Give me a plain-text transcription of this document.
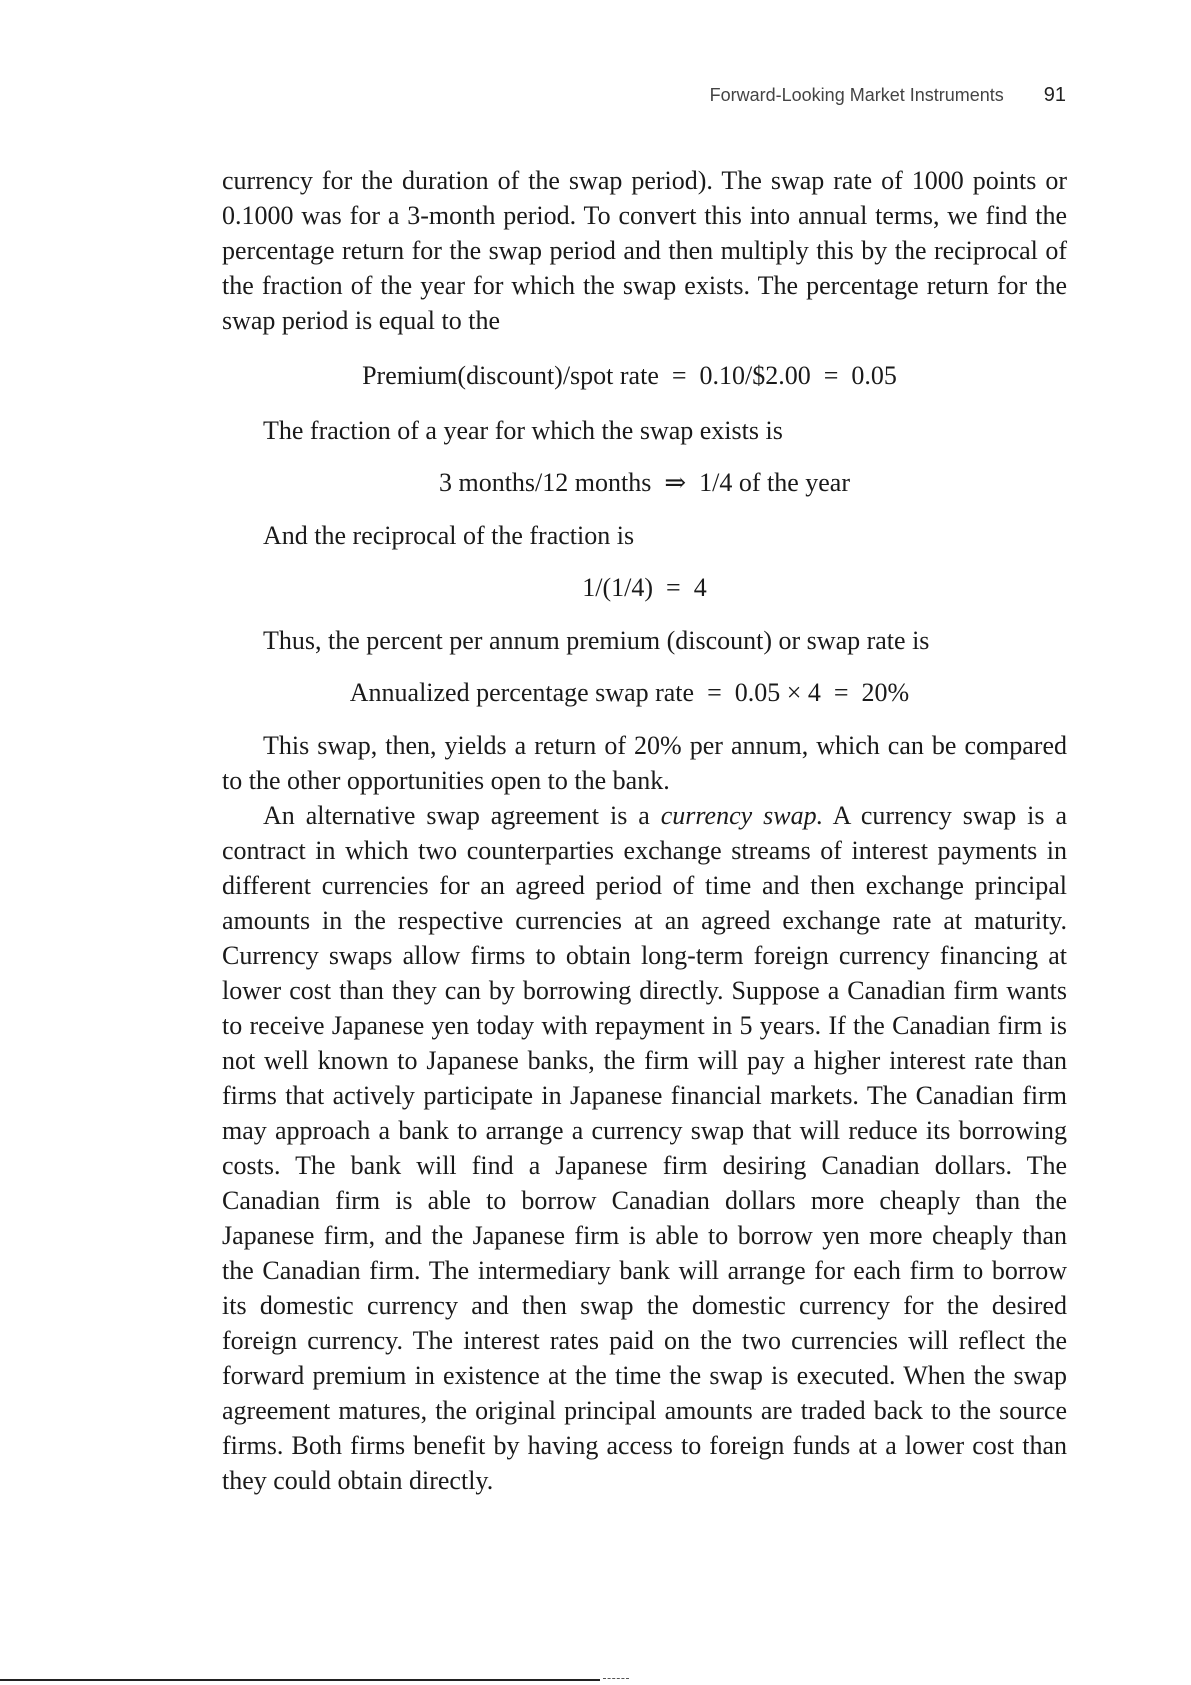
Forward-Looking Market Instruments 91

currency for the duration of the swap period). The swap rate of 1000 points or 0.1000 was for a 3-month period. To convert this into annual terms, we find the percentage return for the swap period and then multiply this by the reciprocal of the fraction of the year for which the swap exists. The percentage return for the swap period is equal to the

Premium(discount)/spot rate  =  0.10/$2.00  =  0.05

The fraction of a year for which the swap exists is

3 months/12 months  ⇒  1/4 of the year

And the reciprocal of the fraction is

1/(1/4)  =  4

Thus, the percent per annum premium (discount) or swap rate is

Annualized percentage swap rate  =  0.05 × 4  =  20%

This swap, then, yields a return of 20% per annum, which can be compared to the other opportunities open to the bank.

An alternative swap agreement is a currency swap. A currency swap is a contract in which two counterparties exchange streams of interest payments in different currencies for an agreed period of time and then exchange principal amounts in the respective currencies at an agreed exchange rate at maturity. Currency swaps allow firms to obtain long-term foreign currency financing at lower cost than they can by borrowing directly. Suppose a Canadian firm wants to receive Japanese yen today with repayment in 5 years. If the Canadian firm is not well known to Japanese banks, the firm will pay a higher interest rate than firms that actively participate in Japanese financial markets. The Canadian firm may approach a bank to arrange a currency swap that will reduce its borrowing costs. The bank will find a Japanese firm desiring Canadian dollars. The Canadian firm is able to borrow Canadian dollars more cheaply than the Japanese firm, and the Japanese firm is able to borrow yen more cheaply than the Canadian firm. The intermediary bank will arrange for each firm to borrow its domestic currency and then swap the domestic currency for the desired foreign currency. The interest rates paid on the two currencies will reflect the forward premium in existence at the time the swap is executed. When the swap agreement matures, the original principal amounts are traded back to the source firms. Both firms benefit by having access to foreign funds at a lower cost than they could obtain directly.
